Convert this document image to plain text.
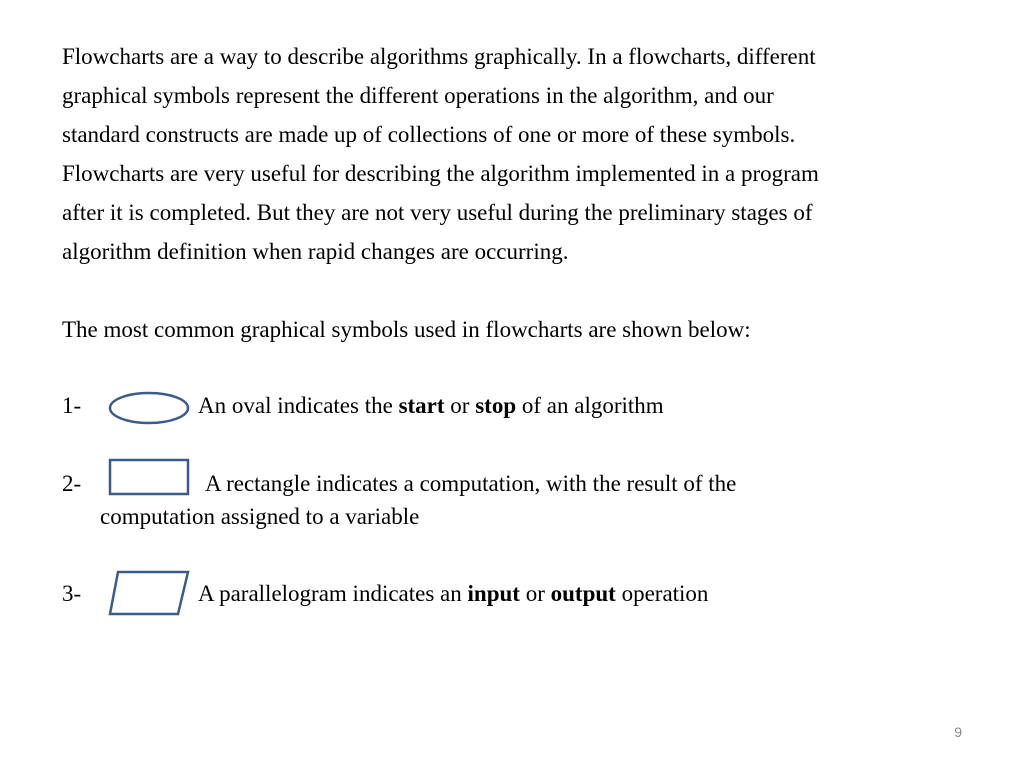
Flowcharts are a way to describe algorithms graphically. In a flowcharts, different
graphical symbols represent the different operations in the algorithm, and our
standard constructs are made up of collections of one or more of these symbols.
Flowcharts are very useful for describing the algorithm implemented in a program
after it is completed. But they are not very useful during the preliminary stages of
algorithm definition when rapid changes are occurring.

The most common graphical symbols used in flowcharts are shown below:

1-	An oval indicates the start or stop of an algorithm
2-	A rectangle indicates a computation, with the result of the
computation assigned to a variable
3-	A parallelogram indicates an input or output operation
9
